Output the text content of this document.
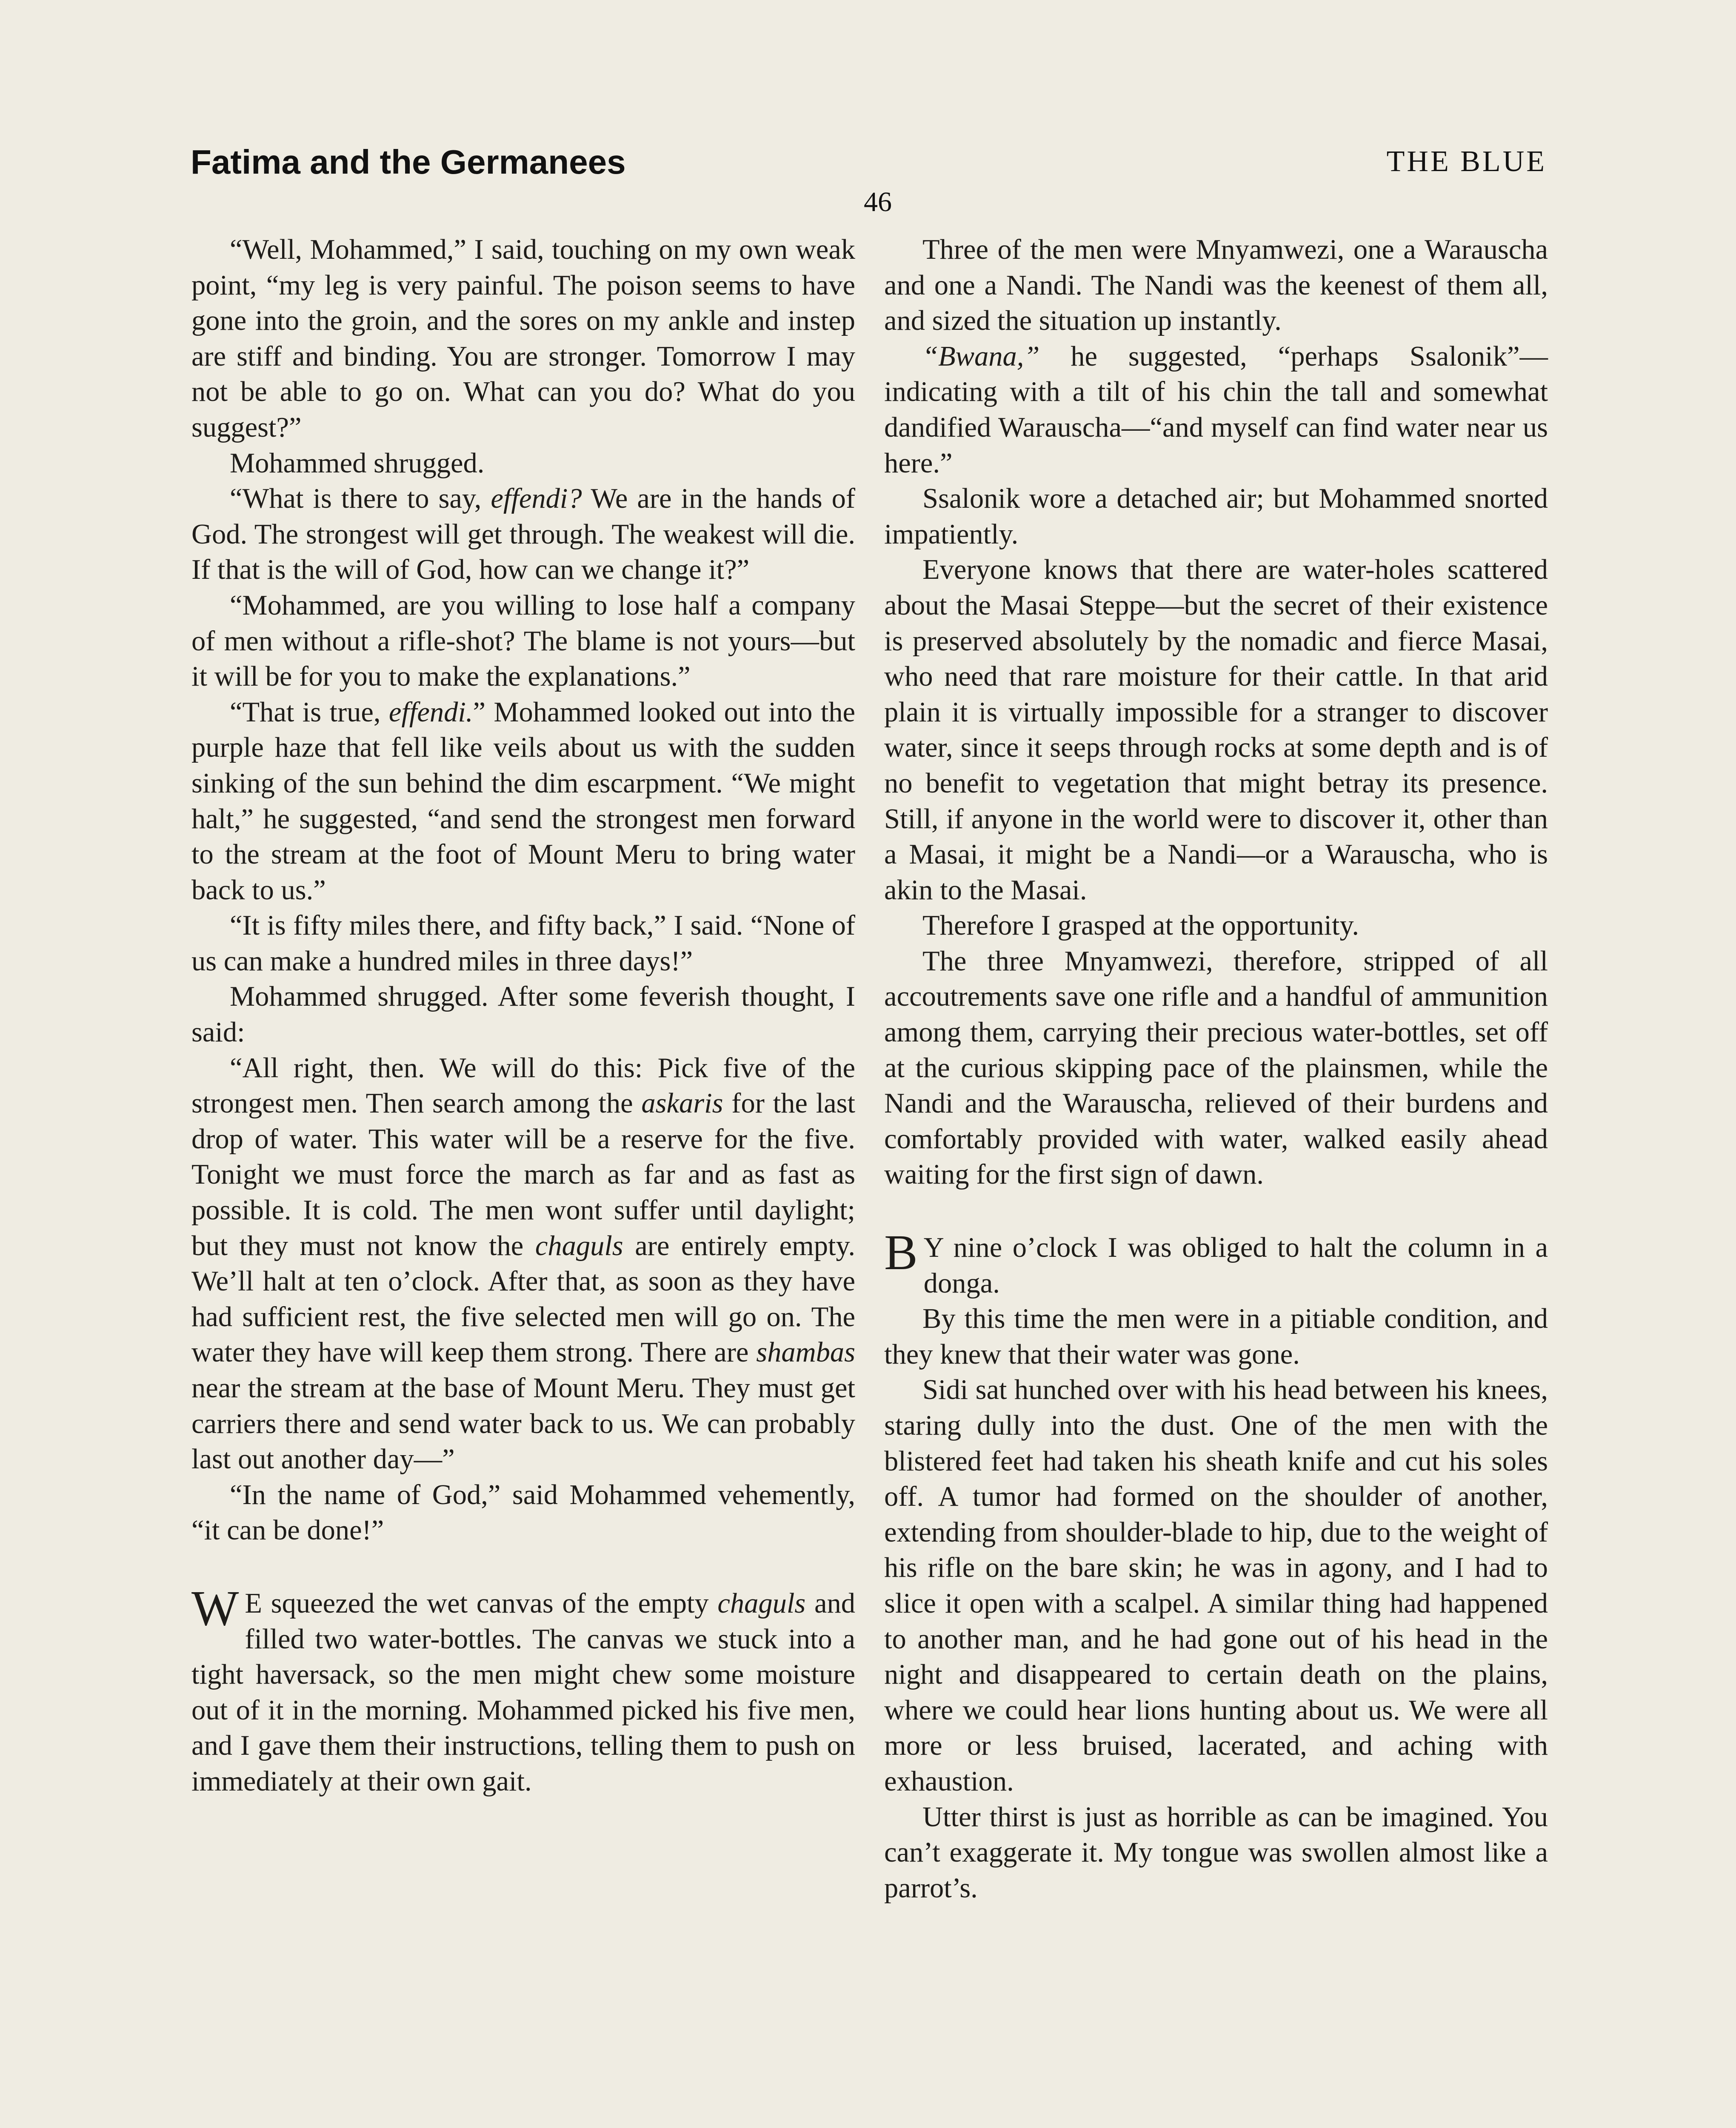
Fatima and the Germanees	THE BLUE
46

“Well, Mohammed,” I said, touching on my own weak point, “my leg is very painful. The poison seems to have gone into the groin, and the sores on my ankle and instep are stiff and binding. You are stronger. Tomorrow I may not be able to go on. What can you do? What do you suggest?”

Mohammed shrugged.

“What is there to say, effendi? We are in the hands of God. The strongest will get through. The weakest will die. If that is the will of God, how can we change it?”

“Mohammed, are you willing to lose half a company of men without a rifle-shot? The blame is not yours—but it will be for you to make the explanations.”

“That is true, effendi.” Mohammed looked out into the purple haze that fell like veils about us with the sudden sinking of the sun behind the dim escarpment. “We might halt,” he suggested, “and send the strongest men forward to the stream at the foot of Mount Meru to bring water back to us.”

“It is fifty miles there, and fifty back,” I said. “None of us can make a hundred miles in three days!”

Mohammed shrugged. After some feverish thought, I said:

“All right, then. We will do this: Pick five of the strongest men. Then search among the askaris for the last drop of water. This water will be a reserve for the five. Tonight we must force the march as far and as fast as possible. It is cold. The men wont suffer until daylight; but they must not know the chaguls are entirely empty. We’ll halt at ten o’clock. After that, as soon as they have had sufficient rest, the five selected men will go on. The water they have will keep them strong. There are shambas near the stream at the base of Mount Meru. They must get carriers there and send water back to us. We can probably last out another day—”

“In the name of God,” said Mohammed vehemently, “it can be done!”

W E squeezed the wet canvas of the empty chaguls and filled two water-bottles. The canvas we stuck into a tight haversack, so the men might chew some moisture out of it in the morning. Mohammed picked his five men, and I gave them their instructions, telling them to push on immediately at their own gait.

Three of the men were Mnyamwezi, one a Warauscha and one a Nandi. The Nandi was the keenest of them all, and sized the situation up instantly.

“Bwana,” he suggested, “perhaps Ssalonik”—indicating with a tilt of his chin the tall and somewhat dandified Warauscha—“and myself can find water near us here.”

Ssalonik wore a detached air; but Mohammed snorted impatiently.

Everyone knows that there are water-holes scattered about the Masai Steppe—but the secret of their existence is preserved absolutely by the nomadic and fierce Masai, who need that rare moisture for their cattle. In that arid plain it is virtually impossible for a stranger to discover water, since it seeps through rocks at some depth and is of no benefit to vegetation that might betray its presence. Still, if anyone in the world were to discover it, other than a Masai, it might be a Nandi—or a Warauscha, who is akin to the Masai.

Therefore I grasped at the opportunity.

The three Mnyamwezi, therefore, stripped of all accoutrements save one rifle and a handful of ammunition among them, carrying their precious water-bottles, set off at the curious skipping pace of the plainsmen, while the Nandi and the Warauscha, relieved of their burdens and comfortably provided with water, walked easily ahead waiting for the first sign of dawn.

B Y nine o’clock I was obliged to halt the column in a donga.

By this time the men were in a pitiable condition, and they knew that their water was gone.

Sidi sat hunched over with his head between his knees, staring dully into the dust. One of the men with the blistered feet had taken his sheath knife and cut his soles off. A tumor had formed on the shoulder of another, extending from shoulder-blade to hip, due to the weight of his rifle on the bare skin; he was in agony, and I had to slice it open with a scalpel. A similar thing had happened to another man, and he had gone out of his head in the night and disappeared to certain death on the plains, where we could hear lions hunting about us. We were all more or less bruised, lacerated, and aching with exhaustion.

Utter thirst is just as horrible as can be imagined. You can’t exaggerate it. My tongue was swollen almost like a parrot’s.
